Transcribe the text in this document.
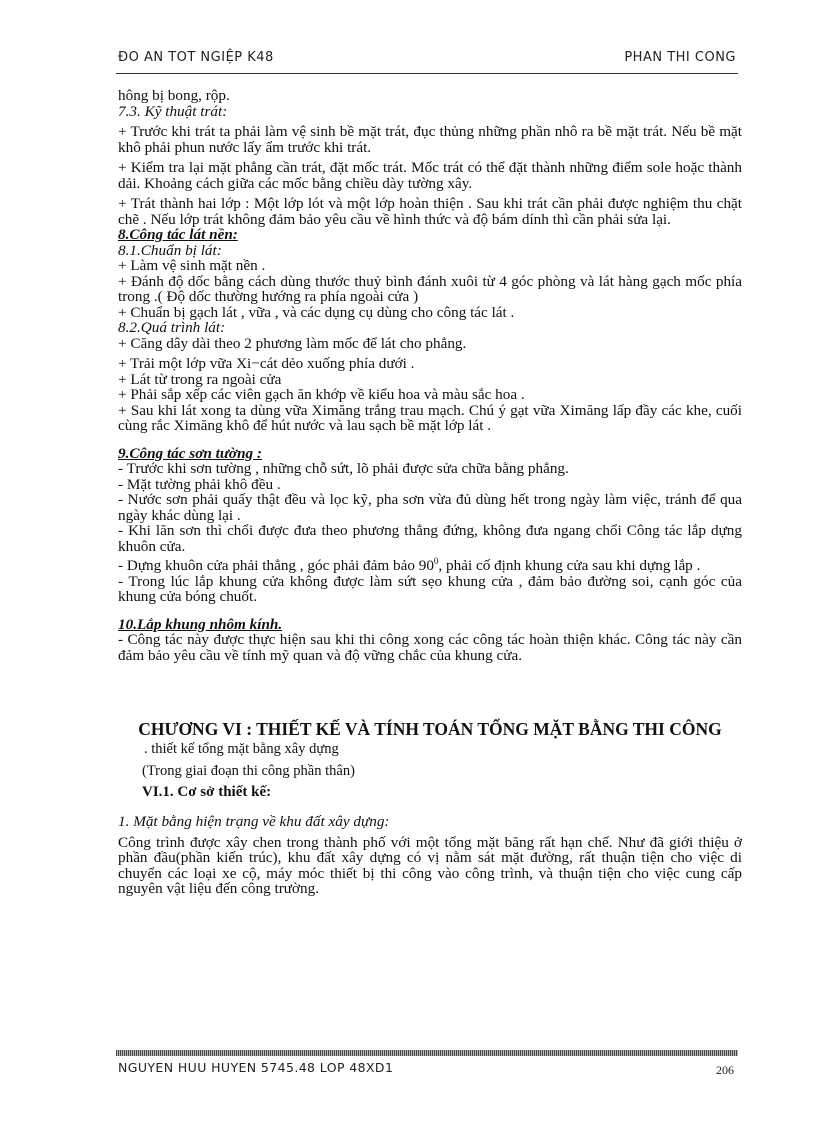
ĐO AN TOT NGIỆP K48	PHAN THI CONG

hông bị bong, rộp.

7.3. Kỹ thuật trát:

+ Trước khi trát ta phải làm vệ sinh bề mặt trát, đục thủng những phần nhô ra bề mặt trát. Nếu bề mặt khô phải phun nước lấy ẩm trước khi trát.

+ Kiểm tra lại mặt phẳng cần trát, đặt mốc trát. Mốc trát có thể đặt thành những điểm sole hoặc thành dải. Khoảng cách giữa các mốc bằng chiều dày tường xây.

+ Trát thành hai lớp : Một lớp lót và một lớp hoàn thiện . Sau khi trát cần phải được nghiệm thu chặt chẽ . Nếu lớp trát không đảm bảo yêu cầu về hình thức và độ bám dính thì cần phải sửa lại.

8.Công tác lát nền:

8.1.Chuẩn bị lát:

+ Làm vệ sinh mặt nền .

+ Đánh độ dốc bằng cách dùng thước thuỷ bình đánh xuôi từ 4 góc phòng và lát hàng gạch mốc phía trong .( Độ dốc thường hướng ra phía ngoài cửa )

+ Chuẩn bị gạch lát , vữa , và các dụng cụ dùng cho công tác lát .

8.2.Quá trình lát:

+ Căng dây dài theo 2 phương làm mốc để lát cho phẳng.

+ Trải một lớp vữa Xi−cát dẻo xuống phía dưới .

+ Lát từ trong ra ngoài cửa

+ Phải sắp xếp các viên gạch ăn khớp về kiểu hoa và màu sắc hoa .

+ Sau khi lát xong ta dùng vữa Ximăng trắng trau mạch. Chú ý gạt vữa Ximăng lấp đầy các khe, cuối cùng rắc Ximăng khô để hút nước và lau sạch bề mặt lớp lát .

9.Công tác sơn tường :

- Trước khi sơn tường , những chỗ sứt, lõ phải được sửa chữa bằng phẳng.

- Mặt tường phải khô đều .

- Nước sơn phải quấy thật đều và lọc kỹ, pha sơn vừa đủ dùng hết trong ngày làm việc, tránh để qua ngày khác dùng lại .

- Khi lăn sơn thì chổi được đưa theo phương thẳng đứng, không đưa ngang chổi Công tác lắp dựng khuôn cửa.

- Dựng khuôn cửa phải thẳng , góc phải đảm bảo $90^0$, phải cố định khung cửa sau khi dựng lắp .

- Trong lúc lắp khung cửa không được làm sứt sẹo khung cửa , đảm bảo đường soi, cạnh góc của khung cửa bóng chuốt.

10.Lắp khung nhôm kính.

- Công tác này được thực hiện sau khi thi công xong các công tác hoàn thiện khác. Công tác này cần đảm bảo yêu cầu về tính mỹ quan và độ vững chắc của khung cửa.

CHƯƠNG VI : THIẾT KẾ VÀ TÍNH TOÁN TỔNG MẶT BẰNG THI CÔNG

. thiết kế tổng mặt bằng xây dựng

(Trong giai đoạn thi công phần thân)

VI.1. Cơ sở thiết kế:

1. Mặt bằng hiện trạng về khu đất xây dựng:

Công trình được xây chen trong thành phố với một tổng mặt băng rất hạn chế. Như đã giới thiệu ở phần đầu(phần kiến trúc), khu đất xây dựng có vị nằm sát mặt đường, rất thuận tiện cho việc di chuyển các loại xe cộ, máy móc thiết bị thi công vào công trình, và thuận tiện cho việc cung cấp nguyên vật liệu đến công trường.

NGUYEN HUU HUYEN 5745.48 LOP 48XD1	206
